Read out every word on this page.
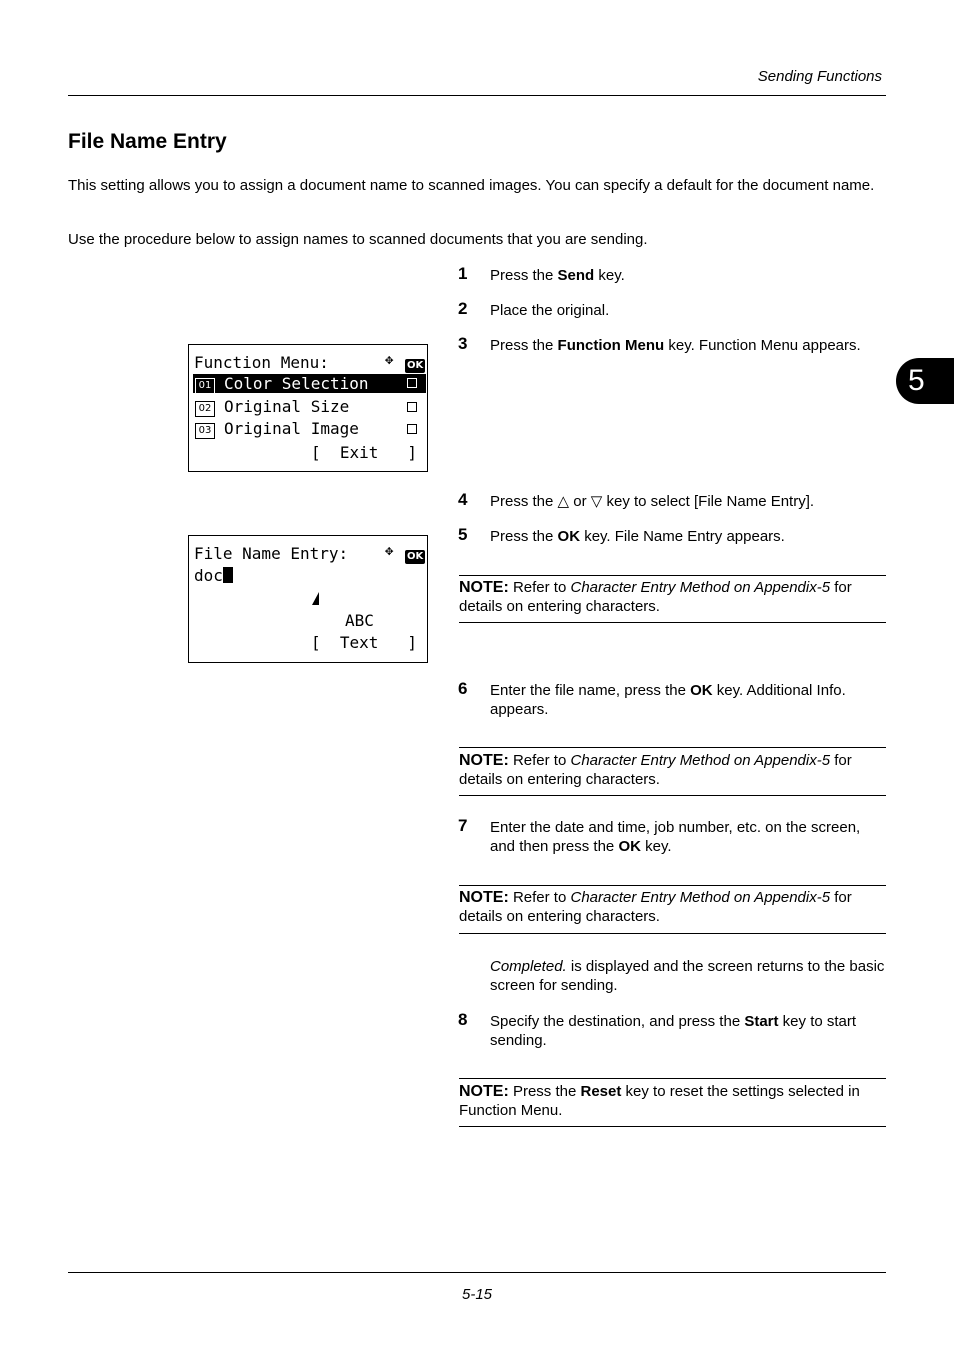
Sending Functions
5
File Name Entry
This setting allows you to assign a document name to scanned images. You can specify a default for the document name.
Use the procedure below to assign names to scanned documents that you are sending.
1 Press the Send key.
2 Place the original.
3 Press the Function Menu key. Function Menu appears.
4 Press the △ or ▽ key to select [File Name Entry].
5 Press the OK key. File Name Entry appears.
NOTE: Refer to Character Entry Method on Appendix-5 for details on entering characters.
6 Enter the file name, press the OK key. Additional Info. appears.
NOTE: Refer to Character Entry Method on Appendix-5 for details on entering characters.
7 Enter the date and time, job number, etc. on the screen, and then press the OK key.
NOTE: Refer to Character Entry Method on Appendix-5 for details on entering characters.
Completed. is displayed and the screen returns to the basic screen for sending.
8 Specify the destination, and press the Start key to start sending.
NOTE: Press the Reset key to reset the settings selected in Function Menu.
Function Menu:	✥ OK
01 Color Selection
02 Original Size
03 Original Image
[  Exit   ]
File Name Entry:	✥ OK
doc
ABC
[  Text   ]
5-15
